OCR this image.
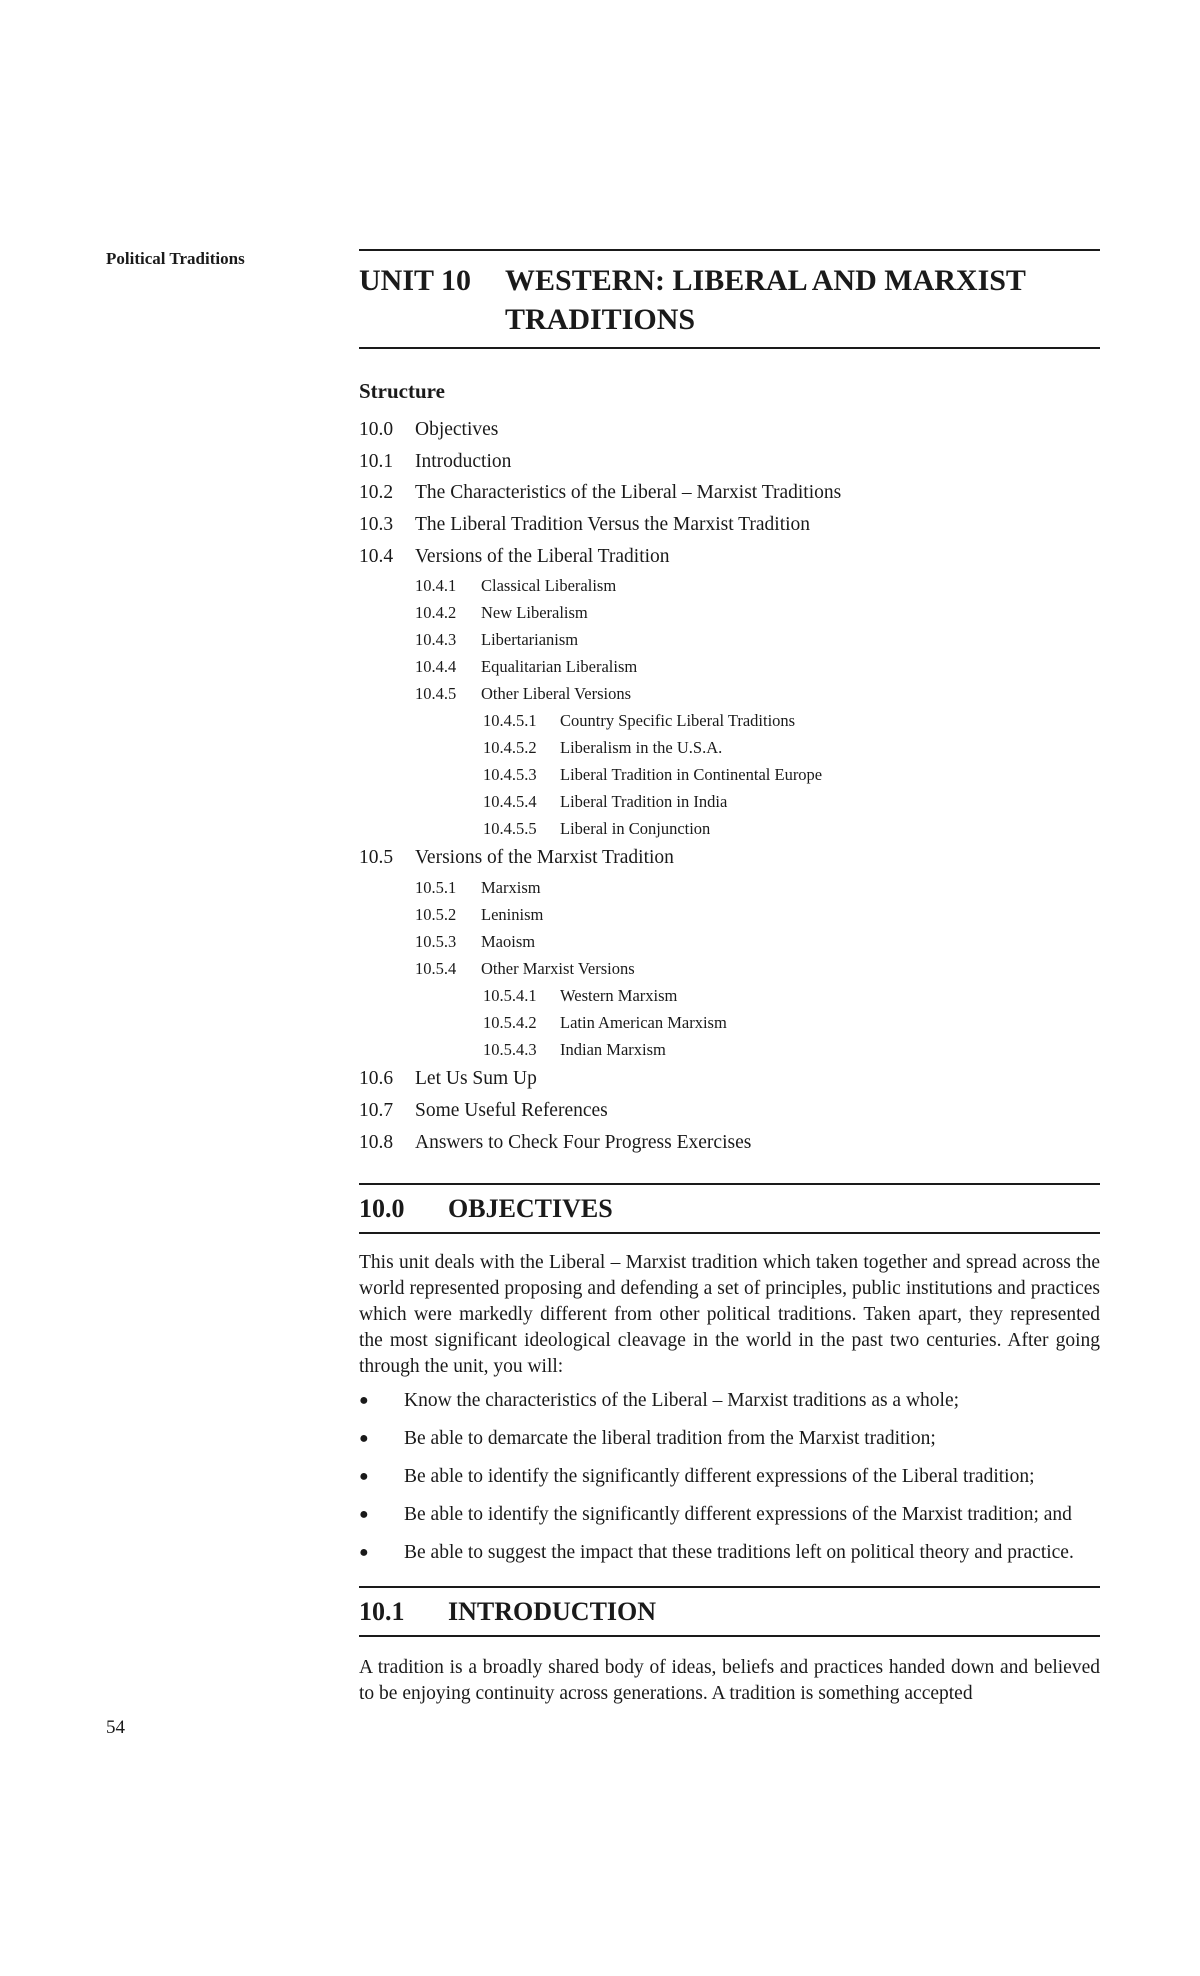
Political Traditions
54
UNIT 10	WESTERN: LIBERAL AND MARXIST TRADITIONS
Structure
10.0	Objectives
10.1	Introduction
10.2	The Characteristics of the Liberal – Marxist Traditions
10.3	The Liberal Tradition Versus the Marxist Tradition
10.4	Versions of the Liberal Tradition
10.4.1	Classical Liberalism
10.4.2	New Liberalism
10.4.3	Libertarianism
10.4.4	Equalitarian Liberalism
10.4.5	Other Liberal Versions
10.4.5.1	Country Specific Liberal Traditions
10.4.5.2	Liberalism in the U.S.A.
10.4.5.3	Liberal Tradition in Continental Europe
10.4.5.4	Liberal Tradition in India
10.4.5.5	Liberal in Conjunction
10.5	Versions of the Marxist Tradition
10.5.1	Marxism
10.5.2	Leninism
10.5.3	Maoism
10.5.4	Other Marxist Versions
10.5.4.1	Western Marxism
10.5.4.2	Latin American Marxism
10.5.4.3	Indian Marxism
10.6	Let Us Sum Up
10.7	Some Useful References
10.8	Answers to Check Four Progress Exercises
10.0	OBJECTIVES

This unit deals with the Liberal – Marxist tradition which taken together and spread across the world represented proposing and defending a set of principles, public institutions and practices which were markedly different from other political traditions. Taken apart, they represented the most significant ideological cleavage in the world in the past two centuries. After going through the unit, you will:

●	Know the characteristics of the Liberal – Marxist traditions as a whole;
●	Be able to demarcate the liberal tradition from the Marxist tradition;
●	Be able to identify the significantly different expressions of the Liberal tradition;
●	Be able to identify the significantly different expressions of the Marxist tradition; and
●	Be able to suggest the impact that these traditions left on political theory and practice.
10.1	INTRODUCTION

A tradition is a broadly shared body of ideas, beliefs and practices handed down and believed to be enjoying continuity across generations. A tradition is something accepted
